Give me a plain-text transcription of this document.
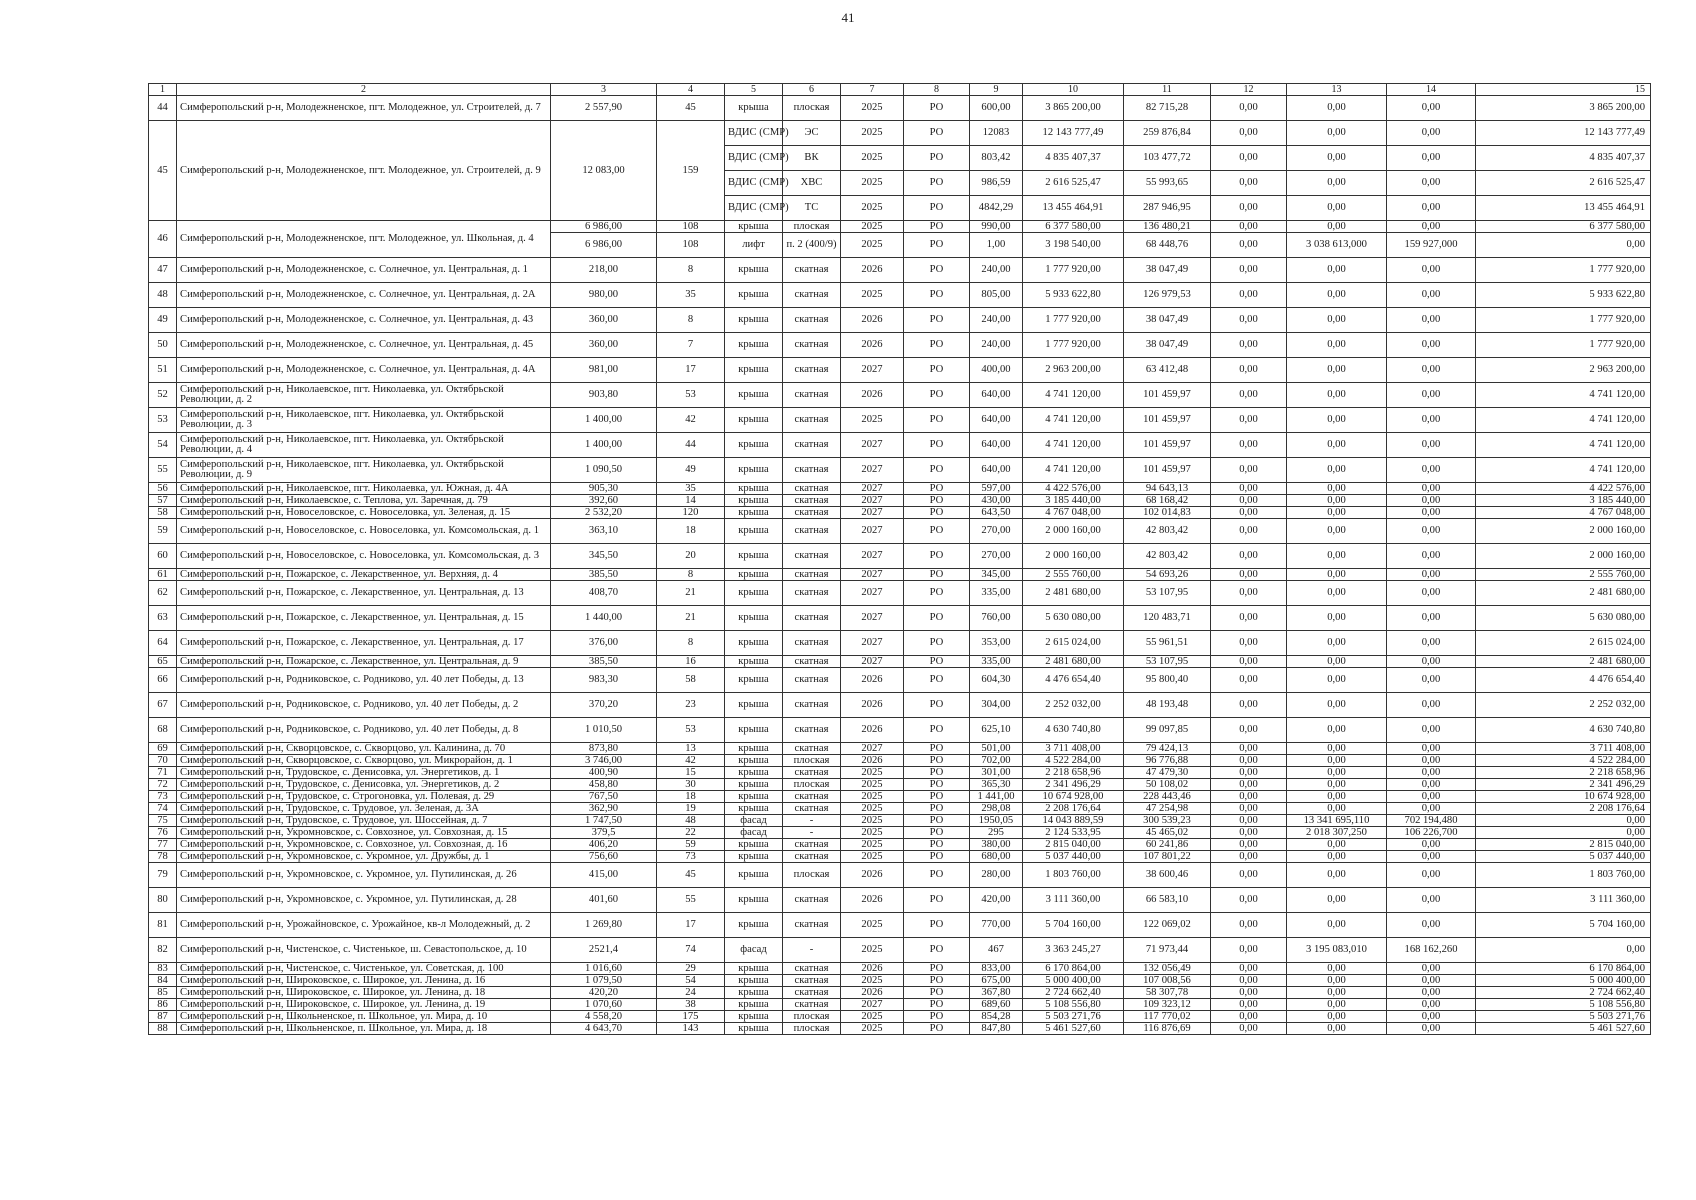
41
1	2	3	4	5	6	7	8	9	10	11	12	13	14	15
44	Симферопольский р-н, Молодежненское, пгт. Молодежное, ул. Строителей, д. 7	2 557,90	45	крыша	плоская	2025	РО	600,00	3 865 200,00	82 715,28	0,00	0,00	0,00	3 865 200,00
45	Симферопольский р-н, Молодежненское, пгт. Молодежное, ул. Строителей, д. 9	12 083,00	159	ВДИС (СМР)	ЭС	2025	РО	12083	12 143 777,49	259 876,84	0,00	0,00	0,00	12 143 777,49
				ВДИС (СМР)	ВК	2025	РО	803,42	4 835 407,37	103 477,72	0,00	0,00	0,00	4 835 407,37
				ВДИС (СМР)	ХВС	2025	РО	986,59	2 616 525,47	55 993,65	0,00	0,00	0,00	2 616 525,47
				ВДИС (СМР)	ТС	2025	РО	4842,29	13 455 464,91	287 946,95	0,00	0,00	0,00	13 455 464,91
46	Симферопольский р-н, Молодежненское, пгт. Молодежное, ул. Школьная, д. 4	6 986,00	108	крыша	плоская	2025	РО	990,00	6 377 580,00	136 480,21	0,00	0,00	0,00	6 377 580,00
		6 986,00	108	лифт	п. 2 (400/9)	2025	РО	1,00	3 198 540,00	68 448,76	0,00	3 038 613,000	159 927,000	0,00
47	Симферопольский р-н, Молодежненское, с. Солнечное, ул. Центральная, д. 1	218,00	8	крыша	скатная	2026	РО	240,00	1 777 920,00	38 047,49	0,00	0,00	0,00	1 777 920,00
48	Симферопольский р-н, Молодежненское, с. Солнечное, ул. Центральная, д. 2А	980,00	35	крыша	скатная	2025	РО	805,00	5 933 622,80	126 979,53	0,00	0,00	0,00	5 933 622,80
49	Симферопольский р-н, Молодежненское, с. Солнечное, ул. Центральная, д. 43	360,00	8	крыша	скатная	2026	РО	240,00	1 777 920,00	38 047,49	0,00	0,00	0,00	1 777 920,00
50	Симферопольский р-н, Молодежненское, с. Солнечное, ул. Центральная, д. 45	360,00	7	крыша	скатная	2026	РО	240,00	1 777 920,00	38 047,49	0,00	0,00	0,00	1 777 920,00
51	Симферопольский р-н, Молодежненское, с. Солнечное, ул. Центральная, д. 4А	981,00	17	крыша	скатная	2027	РО	400,00	2 963 200,00	63 412,48	0,00	0,00	0,00	2 963 200,00
52	Симферопольский р-н, Николаевское, пгт. Николаевка, ул. Октябрьской Революции, д. 2	903,80	53	крыша	скатная	2026	РО	640,00	4 741 120,00	101 459,97	0,00	0,00	0,00	4 741 120,00
53	Симферопольский р-н, Николаевское, пгт. Николаевка, ул. Октябрьской Революции, д. 3	1 400,00	42	крыша	скатная	2025	РО	640,00	4 741 120,00	101 459,97	0,00	0,00	0,00	4 741 120,00
54	Симферопольский р-н, Николаевское, пгт. Николаевка, ул. Октябрьской Революции, д. 4	1 400,00	44	крыша	скатная	2027	РО	640,00	4 741 120,00	101 459,97	0,00	0,00	0,00	4 741 120,00
55	Симферопольский р-н, Николаевское, пгт. Николаевка, ул. Октябрьской Революции, д. 9	1 090,50	49	крыша	скатная	2027	РО	640,00	4 741 120,00	101 459,97	0,00	0,00	0,00	4 741 120,00
56	Симферопольский р-н, Николаевское, пгт. Николаевка, ул. Южная, д. 4А	905,30	35	крыша	скатная	2027	РО	597,00	4 422 576,00	94 643,13	0,00	0,00	0,00	4 422 576,00
57	Симферопольский р-н, Николаевское, с. Теплова, ул. Заречная, д. 79	392,60	14	крыша	скатная	2027	РО	430,00	3 185 440,00	68 168,42	0,00	0,00	0,00	3 185 440,00
58	Симферопольский р-н, Новоселовское, с. Новоселовка, ул. Зеленая, д. 15	2 532,20	120	крыша	скатная	2027	РО	643,50	4 767 048,00	102 014,83	0,00	0,00	0,00	4 767 048,00
59	Симферопольский р-н, Новоселовское, с. Новоселовка, ул. Комсомольская, д. 1	363,10	18	крыша	скатная	2027	РО	270,00	2 000 160,00	42 803,42	0,00	0,00	0,00	2 000 160,00
60	Симферопольский р-н, Новоселовское, с. Новоселовка, ул. Комсомольская, д. 3	345,50	20	крыша	скатная	2027	РО	270,00	2 000 160,00	42 803,42	0,00	0,00	0,00	2 000 160,00
61	Симферопольский р-н, Пожарское, с. Лекарственное, ул. Верхняя, д. 4	385,50	8	крыша	скатная	2027	РО	345,00	2 555 760,00	54 693,26	0,00	0,00	0,00	2 555 760,00
62	Симферопольский р-н, Пожарское, с. Лекарственное, ул. Центральная, д. 13	408,70	21	крыша	скатная	2027	РО	335,00	2 481 680,00	53 107,95	0,00	0,00	0,00	2 481 680,00
63	Симферопольский р-н, Пожарское, с. Лекарственное, ул. Центральная, д. 15	1 440,00	21	крыша	скатная	2027	РО	760,00	5 630 080,00	120 483,71	0,00	0,00	0,00	5 630 080,00
64	Симферопольский р-н, Пожарское, с. Лекарственное, ул. Центральная, д. 17	376,00	8	крыша	скатная	2027	РО	353,00	2 615 024,00	55 961,51	0,00	0,00	0,00	2 615 024,00
65	Симферопольский р-н, Пожарское, с. Лекарственное, ул. Центральная, д. 9	385,50	16	крыша	скатная	2027	РО	335,00	2 481 680,00	53 107,95	0,00	0,00	0,00	2 481 680,00
66	Симферопольский р-н, Родниковское, с. Родниково, ул. 40 лет Победы, д. 13	983,30	58	крыша	скатная	2026	РО	604,30	4 476 654,40	95 800,40	0,00	0,00	0,00	4 476 654,40
67	Симферопольский р-н, Родниковское, с. Родниково, ул. 40 лет Победы, д. 2	370,20	23	крыша	скатная	2026	РО	304,00	2 252 032,00	48 193,48	0,00	0,00	0,00	2 252 032,00
68	Симферопольский р-н, Родниковское, с. Родниково, ул. 40 лет Победы, д. 8	1 010,50	53	крыша	скатная	2026	РО	625,10	4 630 740,80	99 097,85	0,00	0,00	0,00	4 630 740,80
69	Симферопольский р-н, Скворцовское, с. Скворцово, ул. Калинина, д. 70	873,80	13	крыша	скатная	2027	РО	501,00	3 711 408,00	79 424,13	0,00	0,00	0,00	3 711 408,00
70	Симферопольский р-н, Скворцовское, с. Скворцово, ул. Микрорайон, д. 1	3 746,00	42	крыша	плоская	2026	РО	702,00	4 522 284,00	96 776,88	0,00	0,00	0,00	4 522 284,00
71	Симферопольский р-н, Трудовское, с. Денисовка, ул. Энергетиков, д. 1	400,90	15	крыша	скатная	2025	РО	301,00	2 218 658,96	47 479,30	0,00	0,00	0,00	2 218 658,96
72	Симферопольский р-н, Трудовское, с. Денисовка, ул. Энергетиков, д. 2	458,80	30	крыша	плоская	2025	РО	365,30	2 341 496,29	50 108,02	0,00	0,00	0,00	2 341 496,29
73	Симферопольский р-н, Трудовское, с. Строгоновка, ул. Полевая, д. 29	767,50	18	крыша	скатная	2025	РО	1 441,00	10 674 928,00	228 443,46	0,00	0,00	0,00	10 674 928,00
74	Симферопольский р-н, Трудовское, с. Трудовое, ул. Зеленая, д. 3А	362,90	19	крыша	скатная	2025	РО	298,08	2 208 176,64	47 254,98	0,00	0,00	0,00	2 208 176,64
75	Симферопольский р-н, Трудовское, с. Трудовое, ул. Шоссейная, д. 7	1 747,50	48	фасад	-	2025	РО	1950,05	14 043 889,59	300 539,23	0,00	13 341 695,110	702 194,480	0,00
76	Симферопольский р-н, Укромновское, с. Совхозное, ул. Совхозная, д. 15	379,5	22	фасад	-	2025	РО	295	2 124 533,95	45 465,02	0,00	2 018 307,250	106 226,700	0,00
77	Симферопольский р-н, Укромновское, с. Совхозное, ул. Совхозная, д. 16	406,20	59	крыша	скатная	2025	РО	380,00	2 815 040,00	60 241,86	0,00	0,00	0,00	2 815 040,00
78	Симферопольский р-н, Укромновское, с. Укромное, ул. Дружбы, д. 1	756,60	73	крыша	скатная	2025	РО	680,00	5 037 440,00	107 801,22	0,00	0,00	0,00	5 037 440,00
79	Симферопольский р-н, Укромновское, с. Укромное, ул. Путилинская, д. 26	415,00	45	крыша	плоская	2026	РО	280,00	1 803 760,00	38 600,46	0,00	0,00	0,00	1 803 760,00
80	Симферопольский р-н, Укромновское, с. Укромное, ул. Путилинская, д. 28	401,60	55	крыша	скатная	2026	РО	420,00	3 111 360,00	66 583,10	0,00	0,00	0,00	3 111 360,00
81	Симферопольский р-н, Урожайновское, с. Урожайное, кв-л Молодежный, д. 2	1 269,80	17	крыша	скатная	2025	РО	770,00	5 704 160,00	122 069,02	0,00	0,00	0,00	5 704 160,00
82	Симферопольский р-н, Чистенское, с. Чистенькое, ш. Севастопольское, д. 10	2521,4	74	фасад	-	2025	РО	467	3 363 245,27	71 973,44	0,00	3 195 083,010	168 162,260	0,00
83	Симферопольский р-н, Чистенское, с. Чистенькое, ул. Советская, д. 100	1 016,60	29	крыша	скатная	2026	РО	833,00	6 170 864,00	132 056,49	0,00	0,00	0,00	6 170 864,00
84	Симферопольский р-н, Широковское, с. Широкое, ул. Ленина, д. 16	1 079,50	54	крыша	скатная	2025	РО	675,00	5 000 400,00	107 008,56	0,00	0,00	0,00	5 000 400,00
85	Симферопольский р-н, Широковское, с. Широкое, ул. Ленина, д. 18	420,20	24	крыша	скатная	2026	РО	367,80	2 724 662,40	58 307,78	0,00	0,00	0,00	2 724 662,40
86	Симферопольский р-н, Широковское, с. Широкое, ул. Ленина, д. 19	1 070,60	38	крыша	скатная	2027	РО	689,60	5 108 556,80	109 323,12	0,00	0,00	0,00	5 108 556,80
87	Симферопольский р-н, Школьненское, п. Школьное, ул. Мира, д. 10	4 558,20	175	крыша	плоская	2025	РО	854,28	5 503 271,76	117 770,02	0,00	0,00	0,00	5 503 271,76
88	Симферопольский р-н, Школьненское, п. Школьное, ул. Мира, д. 18	4 643,70	143	крыша	плоская	2025	РО	847,80	5 461 527,60	116 876,69	0,00	0,00	0,00	5 461 527,60
